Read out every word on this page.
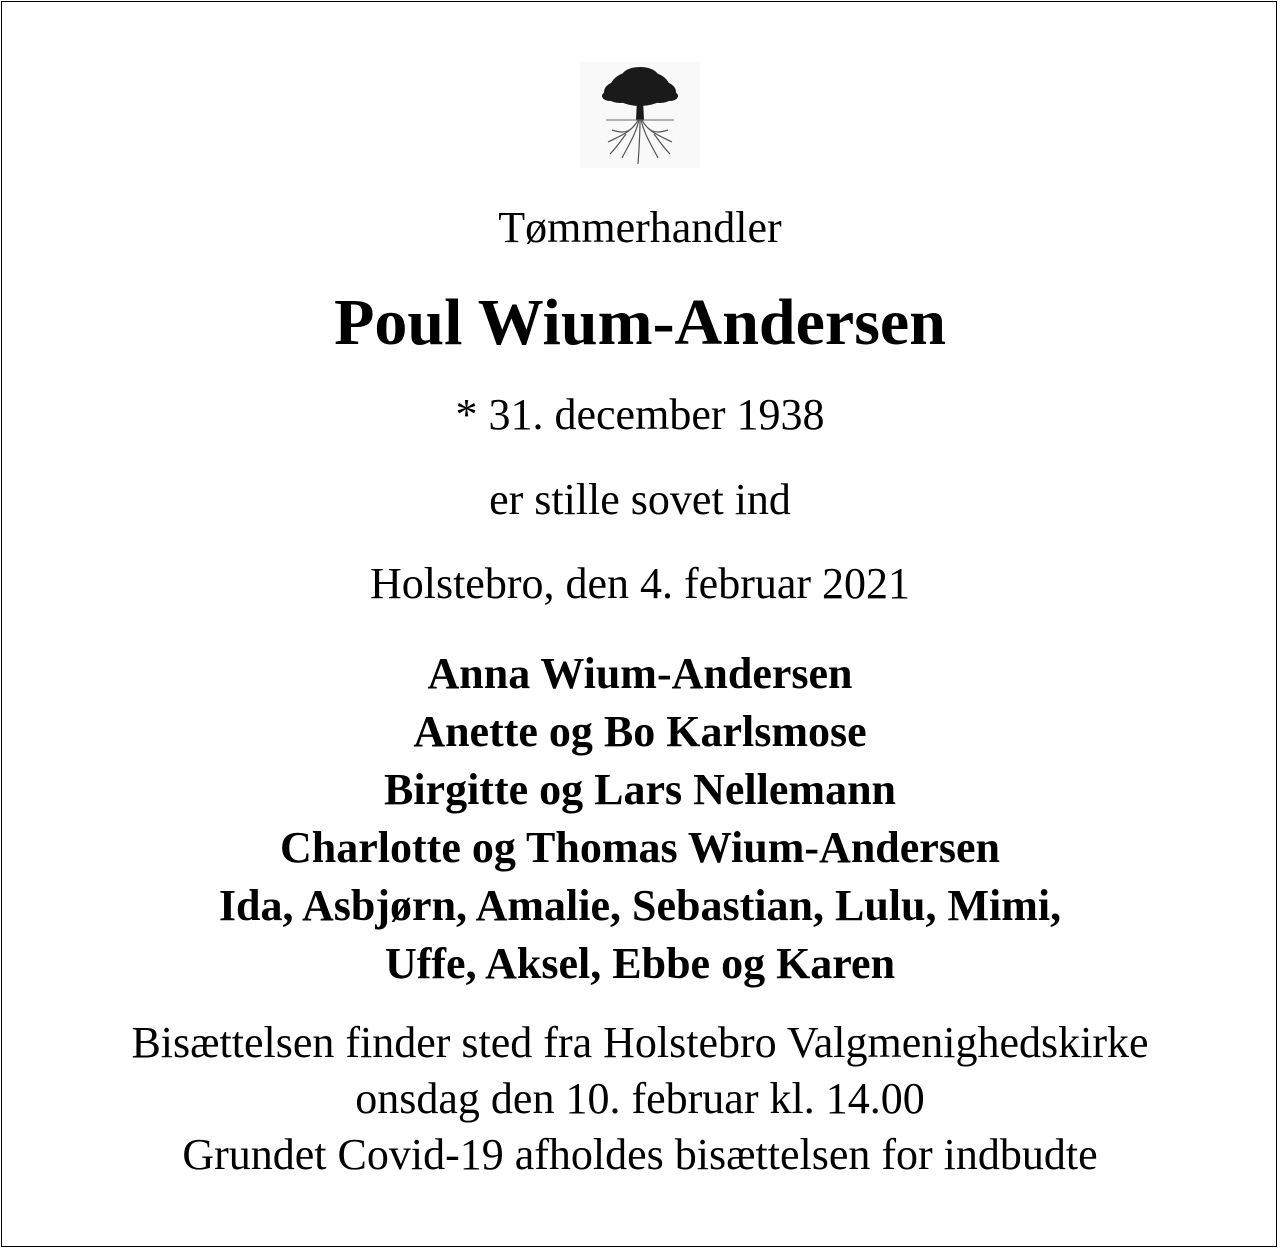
Tømmerhandler
Poul Wium-Andersen
* 31. december 1938
er stille sovet ind
Holstebro, den 4. februar 2021
Anna Wium-Andersen
Anette og Bo Karlsmose
Birgitte og Lars Nellemann
Charlotte og Thomas Wium-Andersen
Ida, Asbjørn, Amalie, Sebastian, Lulu, Mimi,
Uffe, Aksel, Ebbe og Karen
Bisættelsen finder sted fra Holstebro Valgmenighedskirke
onsdag den 10. februar kl. 14.00
Grundet Covid-19 afholdes bisættelsen for indbudte
